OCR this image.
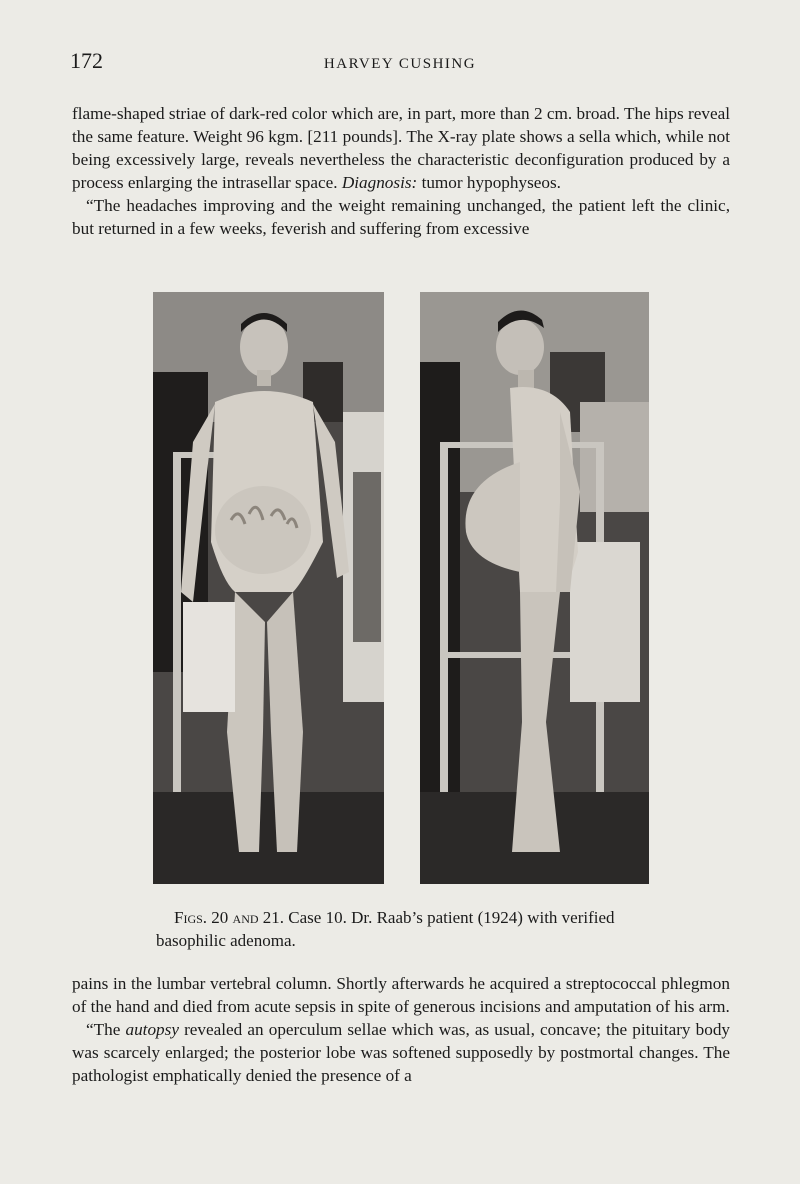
172	HARVEY CUSHING

flame-shaped striae of dark-red color which are, in part, more than 2 cm. broad. The hips reveal the same feature. Weight 96 kgm. [211 pounds]. The X-ray plate shows a sella which, while not being excessively large, reveals nevertheless the characteristic deconfiguration produced by a process enlarging the intrasellar space. Diagnosis: tumor hypophyseos.

“The headaches improving and the weight remaining unchanged, the patient left the clinic, but returned in a few weeks, feverish and suffering from excessive

Figs. 20 and 21. Case 10. Dr. Raab’s patient (1924) with verified basophilic adenoma.

pains in the lumbar vertebral column. Shortly afterwards he acquired a streptococcal phlegmon of the hand and died from acute sepsis in spite of generous incisions and amputation of his arm.

“The autopsy revealed an operculum sellae which was, as usual, concave; the pituitary body was scarcely enlarged; the posterior lobe was softened supposedly by postmortal changes. The pathologist emphatically denied the presence of a
